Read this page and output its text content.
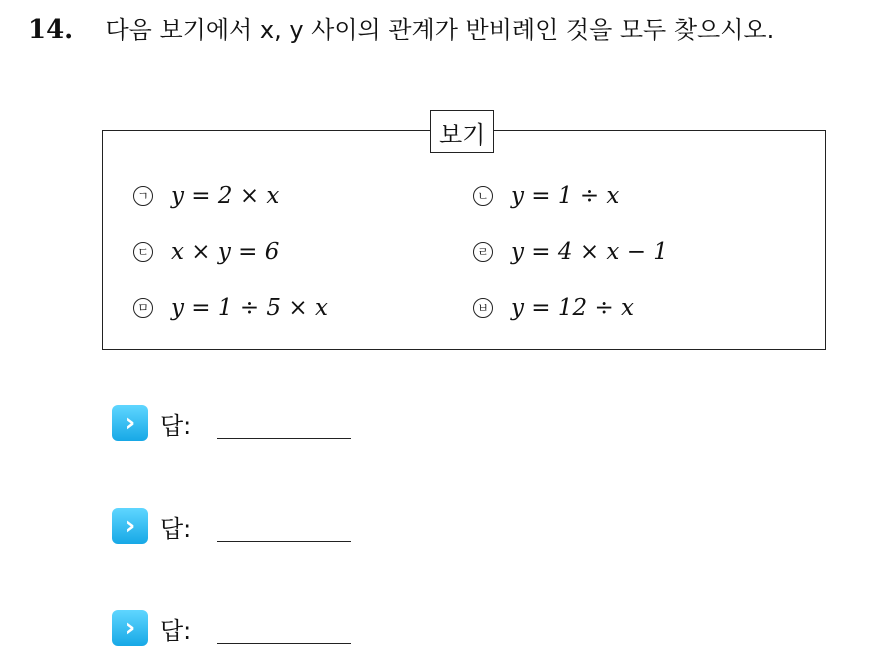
14. 다음 보기에서 x, y 사이의 관계가 반비례인 것을 모두 찾으시오.
ㄱ y = 2 × x	ㄴ y = 1 ÷ x
ㄷ x × y = 6	ㄹ y = 4 × x − 1
ㅁ y = 1 ÷ 5 × x	ㅂ y = 12 ÷ x
보기
›	답:
›	답:
›	답:
